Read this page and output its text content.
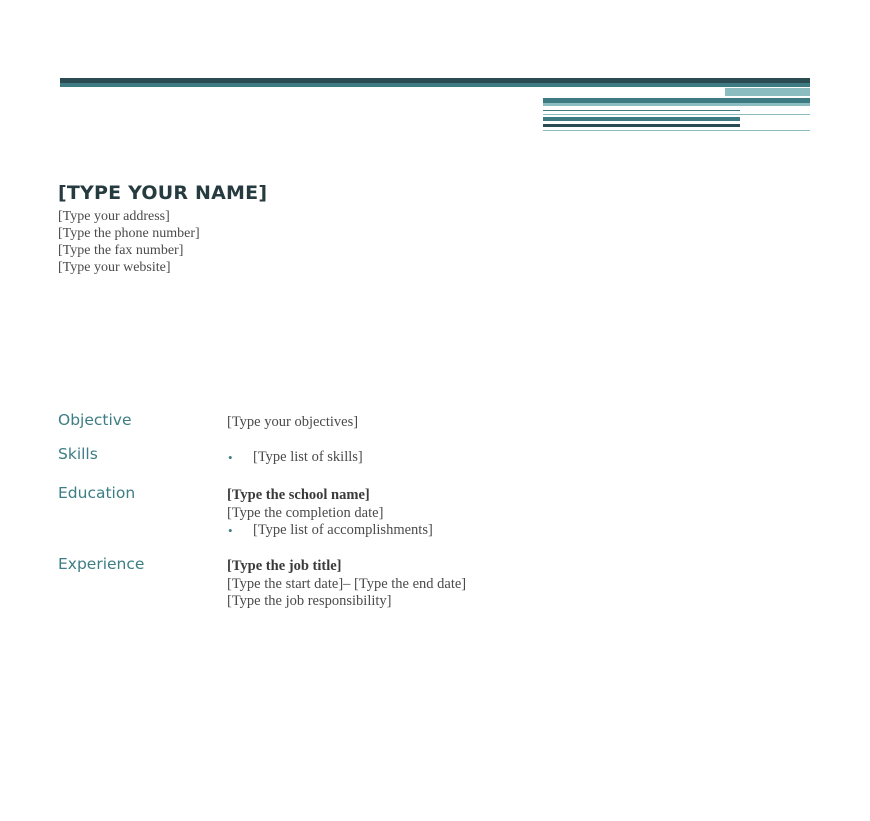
[TYPE YOUR NAME]
[Type your address]
[Type the phone number]
[Type the fax number]
[Type your website]
Objective	[Type your objectives]
Skills	• [Type list of skills]
Education	[Type the school name]
[Type the completion date]
• [Type list of accomplishments]
Experience	[Type the job title]
[Type the start date]– [Type the end date]
[Type the job responsibility]
